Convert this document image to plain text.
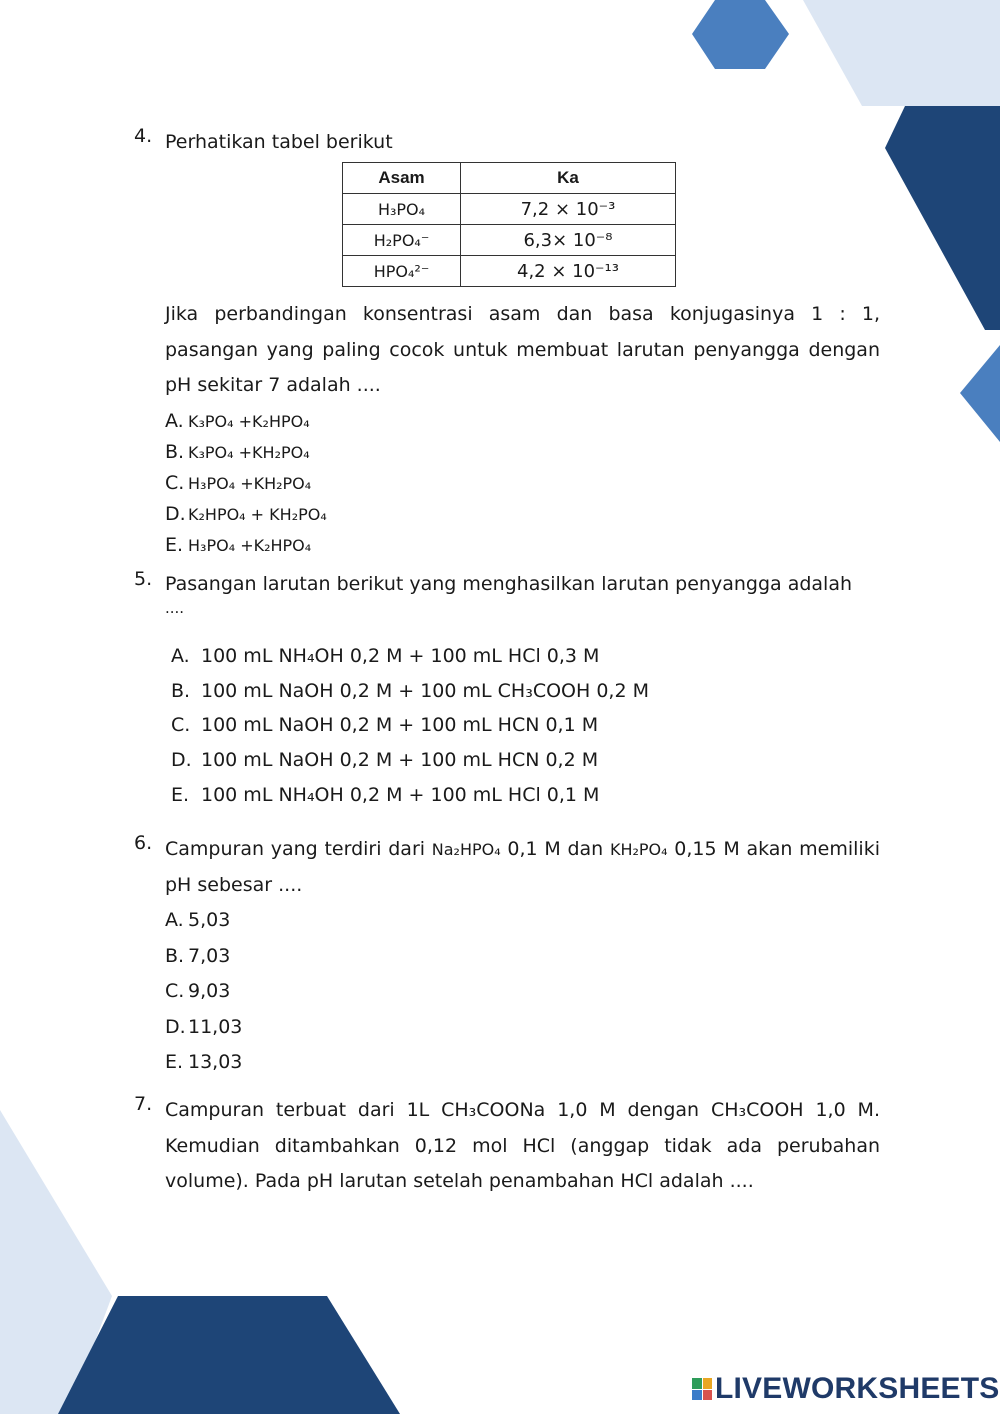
4. Perhatikan tabel berikut
Asam	Ka
H₃PO₄	7,2 × 10⁻³
H₂PO₄⁻	6,3× 10⁻⁸
HPO₄²⁻	4,2 × 10⁻¹³
Jika perbandingan konsentrasi asam dan basa konjugasinya 1 : 1, pasangan yang paling cocok untuk membuat larutan penyangga dengan pH sekitar 7 adalah ....
A. K₃PO₄ +K₂HPO₄
B. K₃PO₄ +KH₂PO₄
C. H₃PO₄ +KH₂PO₄
D. K₂HPO₄ + KH₂PO₄
E. H₃PO₄ +K₂HPO₄
5. Pasangan larutan berikut yang menghasilkan larutan penyangga adalah
....
A. 100 mL NH₄OH 0,2 M + 100 mL HCl 0,3 M
B. 100 mL NaOH 0,2 M + 100 mL CH₃COOH 0,2 M
C. 100 mL NaOH 0,2 M + 100 mL HCN 0,1 M
D. 100 mL NaOH 0,2 M + 100 mL HCN 0,2 M
E. 100 mL NH₄OH 0,2 M + 100 mL HCl 0,1 M
6. Campuran yang terdiri dari Na₂HPO₄ 0,1 M dan KH₂PO₄ 0,15 M akan memiliki pH sebesar ....
A. 5,03
B. 7,03
C. 9,03
D. 11,03
E. 13,03
7. Campuran terbuat dari 1L CH₃COONa 1,0 M dengan CH₃COOH 1,0 M. Kemudian ditambahkan 0,12 mol HCl (anggap tidak ada perubahan volume). Pada pH larutan setelah penambahan HCl adalah ....
LIVEWORKSHEETS
